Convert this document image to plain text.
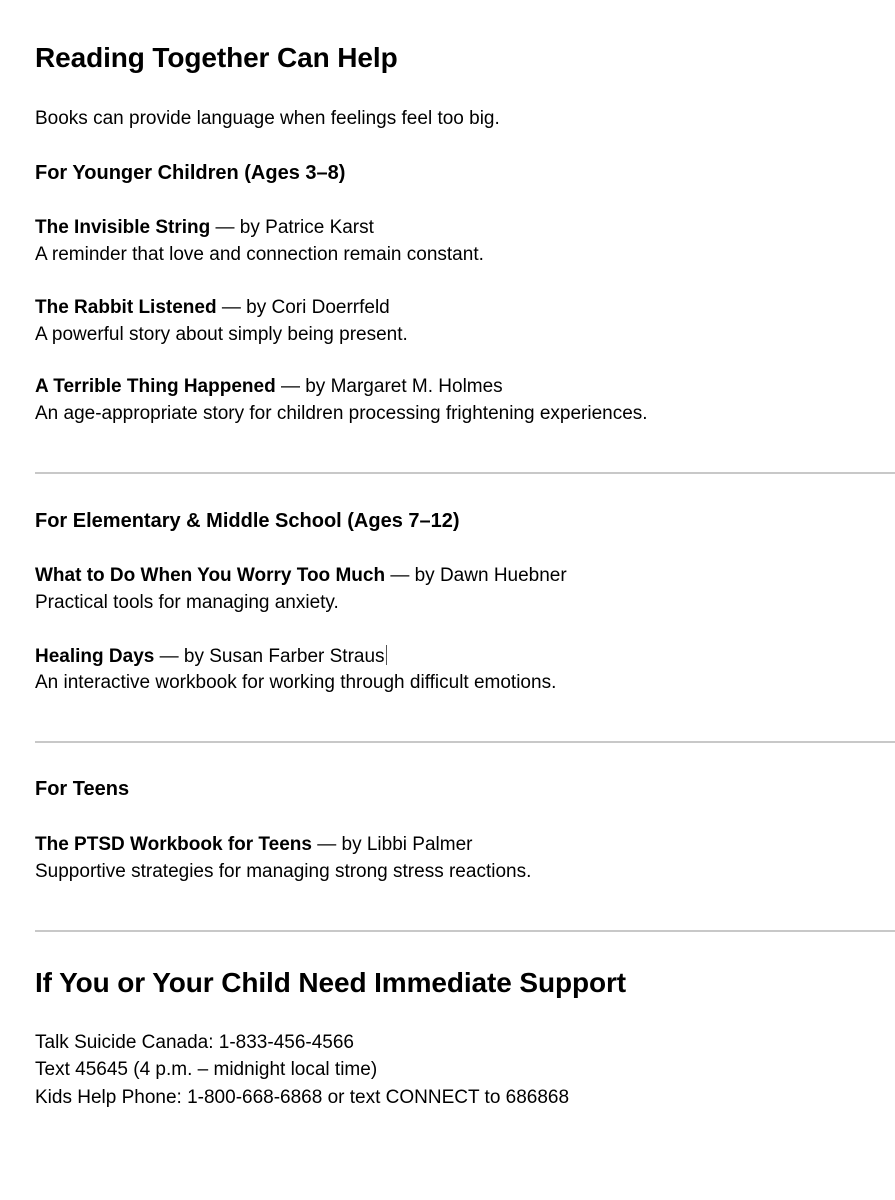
Reading Together Can Help
Books can provide language when feelings feel too big.
For Younger Children (Ages 3–8)
The Invisible String — by Patrice Karst
A reminder that love and connection remain constant.
The Rabbit Listened — by Cori Doerrfeld
A powerful story about simply being present.
A Terrible Thing Happened — by Margaret M. Holmes
An age-appropriate story for children processing frightening experiences.
For Elementary & Middle School (Ages 7–12)
What to Do When You Worry Too Much — by Dawn Huebner
Practical tools for managing anxiety.
Healing Days — by Susan Farber Straus
An interactive workbook for working through difficult emotions.
For Teens
The PTSD Workbook for Teens — by Libbi Palmer
Supportive strategies for managing strong stress reactions.
If You or Your Child Need Immediate Support
Talk Suicide Canada: 1-833-456-4566
Text 45645 (4 p.m. – midnight local time)
Kids Help Phone: 1-800-668-6868 or text CONNECT to 686868
